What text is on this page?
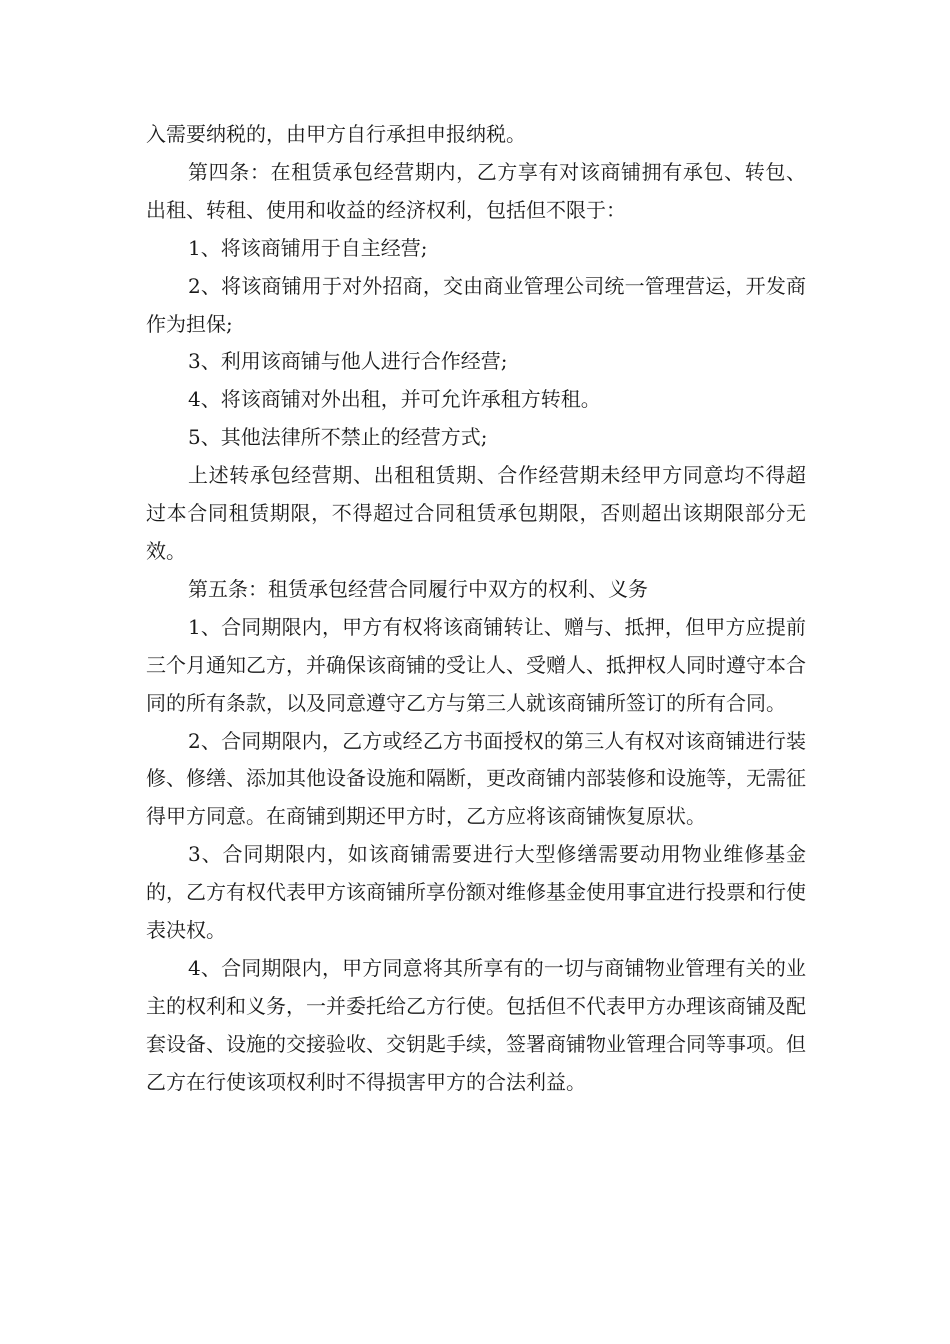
入需要纳税的，由甲方自行承担申报纳税。

第四条：在租赁承包经营期内，乙方享有对该商铺拥有承包、转包、出租、转租、使用和收益的经济权利，包括但不限于：

1、将该商铺用于自主经营;

2、将该商铺用于对外招商，交由商业管理公司统一管理营运，开发商作为担保;

3、利用该商铺与他人进行合作经营;

4、将该商铺对外出租，并可允许承租方转租。

5、其他法律所不禁止的经营方式;

上述转承包经营期、出租租赁期、合作经营期未经甲方同意均不得超过本合同租赁期限，不得超过合同租赁承包期限，否则超出该期限部分无效。

第五条：租赁承包经营合同履行中双方的权利、义务

1、合同期限内，甲方有权将该商铺转让、赠与、抵押，但甲方应提前三个月通知乙方，并确保该商铺的受让人、受赠人、抵押权人同时遵守本合同的所有条款，以及同意遵守乙方与第三人就该商铺所签订的所有合同。

2、合同期限内，乙方或经乙方书面授权的第三人有权对该商铺进行装修、修缮、添加其他设备设施和隔断，更改商铺内部装修和设施等，无需征得甲方同意。在商铺到期还甲方时，乙方应将该商铺恢复原状。

3、合同期限内，如该商铺需要进行大型修缮需要动用物业维修基金的，乙方有权代表甲方该商铺所享份额对维修基金使用事宜进行投票和行使表决权。

4、合同期限内，甲方同意将其所享有的一切与商铺物业管理有关的业主的权利和义务，一并委托给乙方行使。包括但不代表甲方办理该商铺及配套设备、设施的交接验收、交钥匙手续，签署商铺物业管理合同等事项。但乙方在行使该项权利时不得损害甲方的合法利益。
